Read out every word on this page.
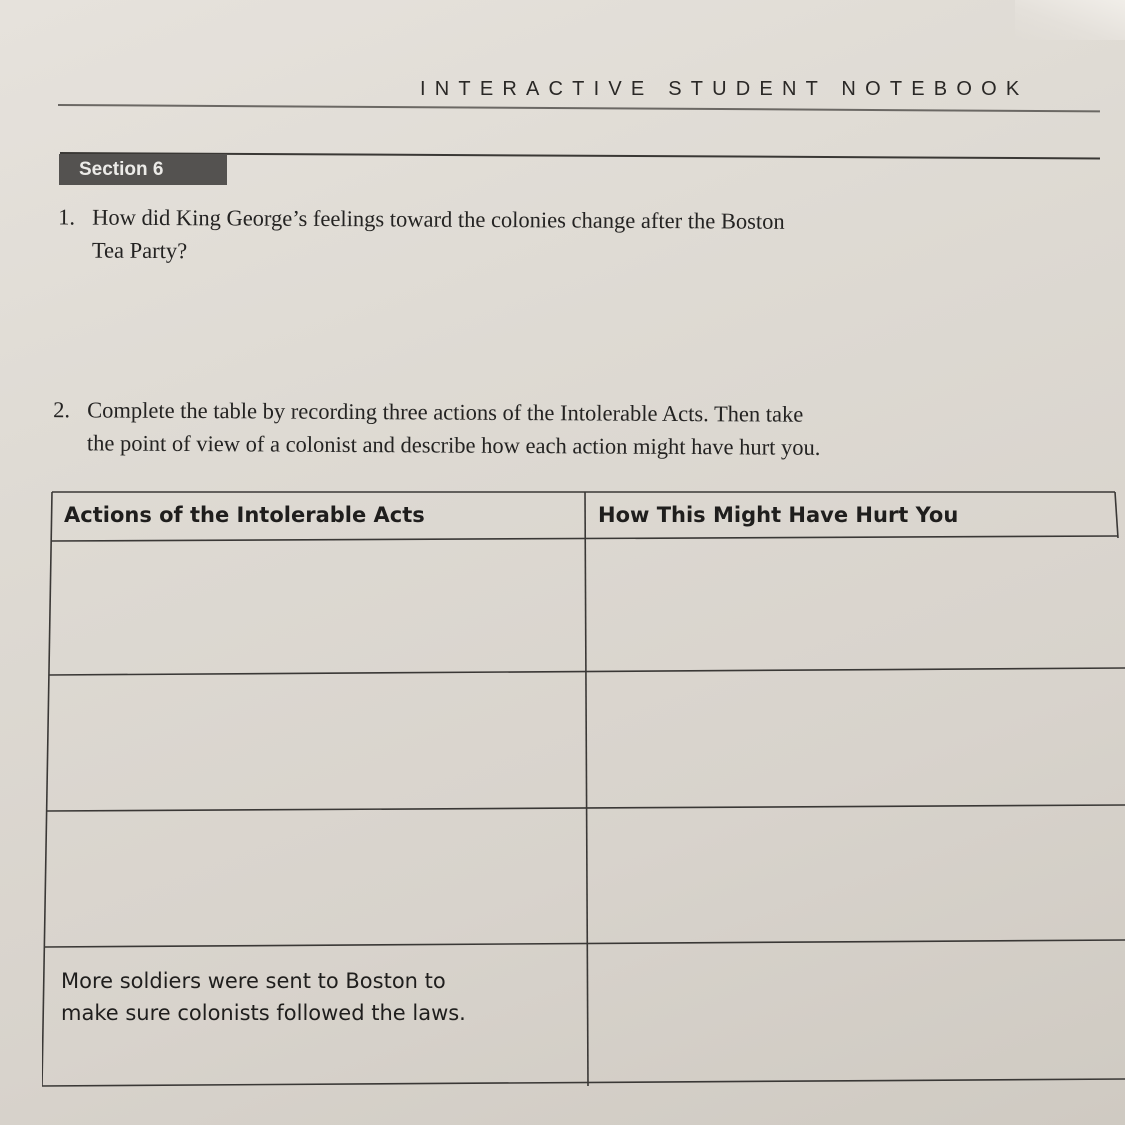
INTERACTIVE STUDENT NOTEBOOK
Section 6
1. How did King George’s feelings toward the colonies change after the Boston
Tea Party?
2. Complete the table by recording three actions of the Intolerable Acts. Then take
the point of view of a colonist and describe how each action might have hurt you.
Actions of the Intolerable Acts	How This Might Have Hurt You
More soldiers were sent to Boston to
make sure colonists followed the laws.
